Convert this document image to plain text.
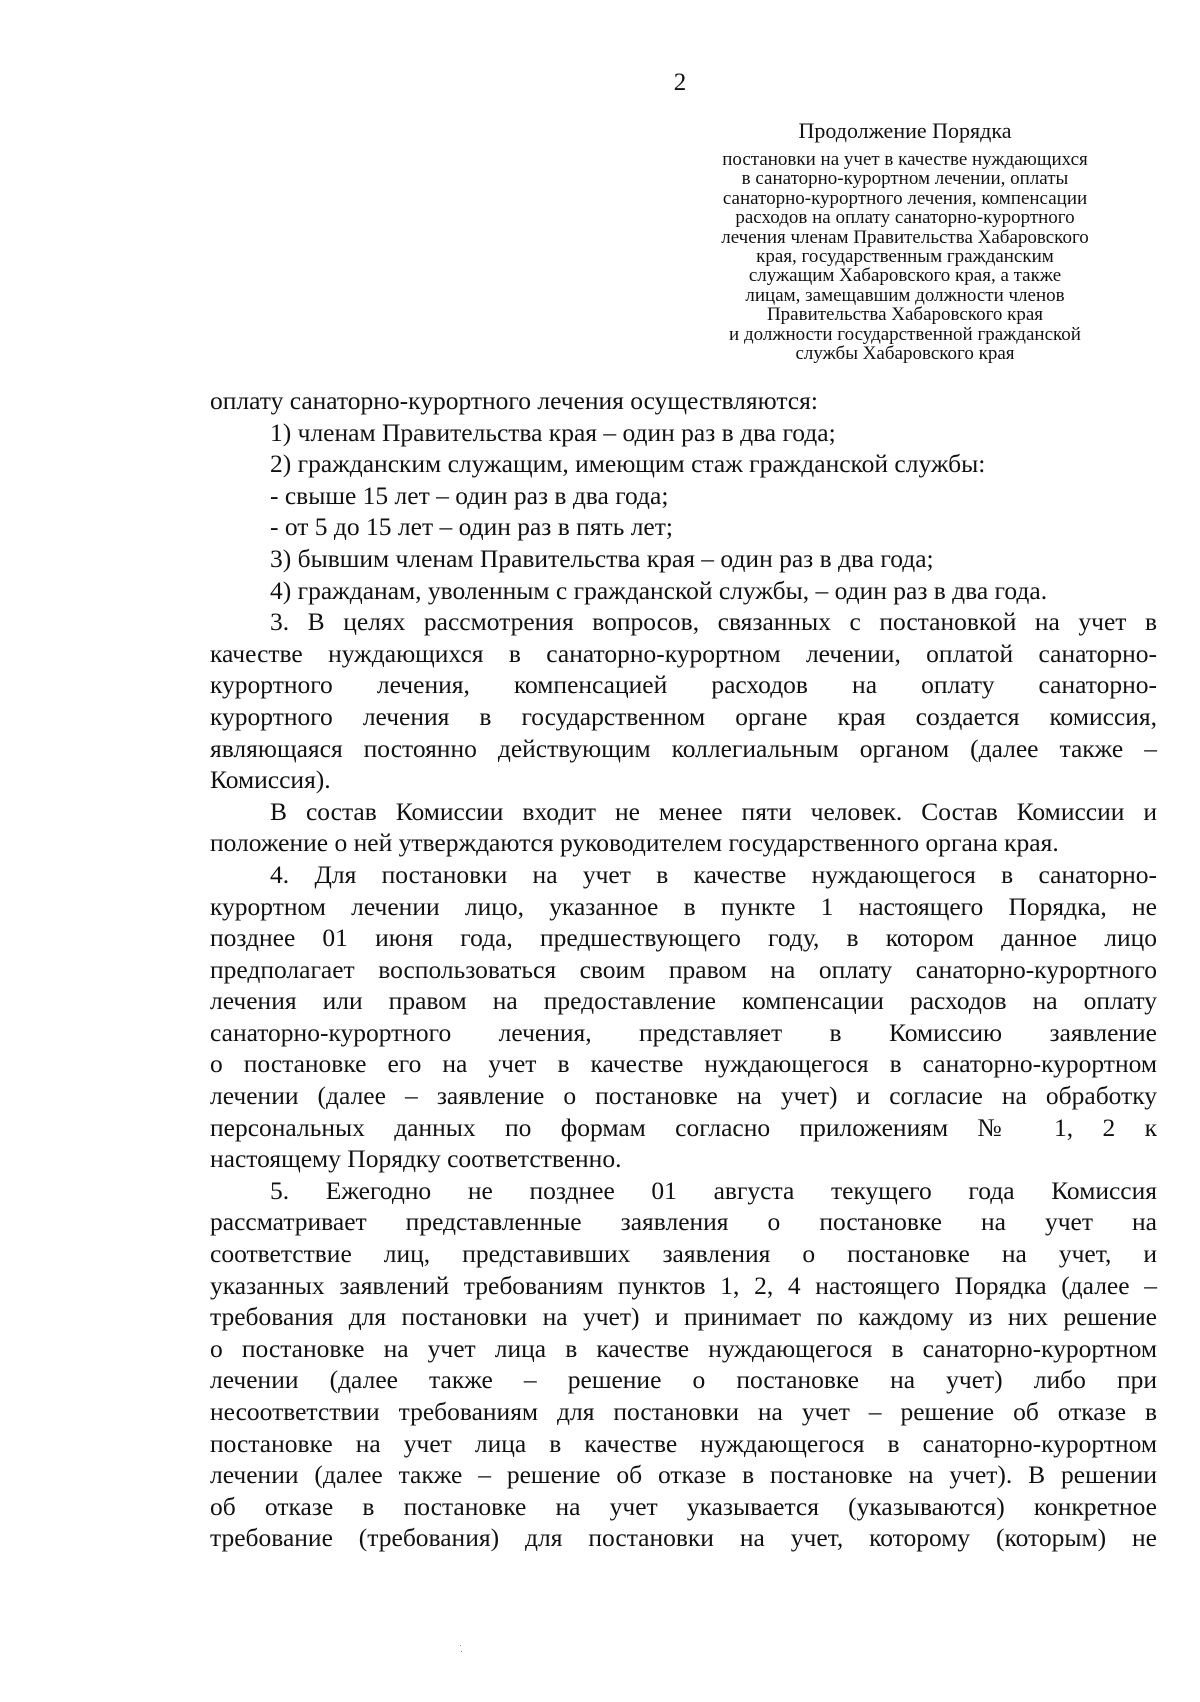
2

Продолжение Порядка

постановки на учет в качестве нуждающихся

в санаторно-курортном лечении, оплаты

санаторно-курортного лечения, компенсации

расходов на оплату санаторно-курортного

лечения членам Правительства Хабаровского

края, государственным гражданским

служащим Хабаровского края, а также

лицам, замещавшим должности членов

Правительства Хабаровского края

и должности государственной гражданской

службы Хабаровского края

оплату санаторно-курортного лечения осуществляются:

1) членам Правительства края – один раз в два года;

2) гражданским служащим, имеющим стаж гражданской службы:

- свыше 15 лет – один раз в два года;

- от 5 до 15 лет – один раз в пять лет;

3) бывшим членам Правительства края – один раз в два года;

4) гражданам, уволенным с гражданской службы, – один раз в два года.

3. В целях рассмотрения вопросов, связанных с постановкой на учет в

качестве нуждающихся в санаторно-курортном лечении, оплатой санаторно-

курортного лечения, компенсацией расходов на оплату санаторно-

курортного лечения в государственном органе края создается комиссия,

являющаяся постоянно действующим коллегиальным органом (далее также –

Комиссия).

В состав Комиссии входит не менее пяти человек. Состав Комиссии и

положение о ней утверждаются руководителем государственного органа края.

4. Для постановки на учет в качестве нуждающегося в санаторно-

курортном лечении лицо, указанное в пункте 1 настоящего Порядка, не

позднее 01 июня года, предшествующего году, в котором данное лицо

предполагает воспользоваться своим правом на оплату санаторно-курортного

лечения или правом на предоставление компенсации расходов на оплату

санаторно-курортного лечения, представляет в Комиссию заявление

о постановке его на учет в качестве нуждающегося в санаторно-курортном

лечении (далее – заявление о постановке на учет) и согласие на обработку

персональных данных по формам согласно приложениям № 1, 2 к

настоящему Порядку соответственно.

5. Ежегодно не позднее 01 августа текущего года Комиссия

рассматривает представленные заявления о постановке на учет на

соответствие лиц, представивших заявления о постановке на учет, и

указанных заявлений требованиям пунктов 1, 2, 4 настоящего Порядка (далее –

требования для постановки на учет) и принимает по каждому из них решение

о постановке на учет лица в качестве нуждающегося в санаторно-курортном

лечении (далее также – решение о постановке на учет) либо при

несоответствии требованиям для постановки на учет – решение об отказе в

постановке на учет лица в качестве нуждающегося в санаторно-курортном

лечении (далее также – решение об отказе в постановке на учет). В решении

об отказе в постановке на учет указывается (указываются) конкретное

требование (требования) для постановки на учет, которому (которым) не
